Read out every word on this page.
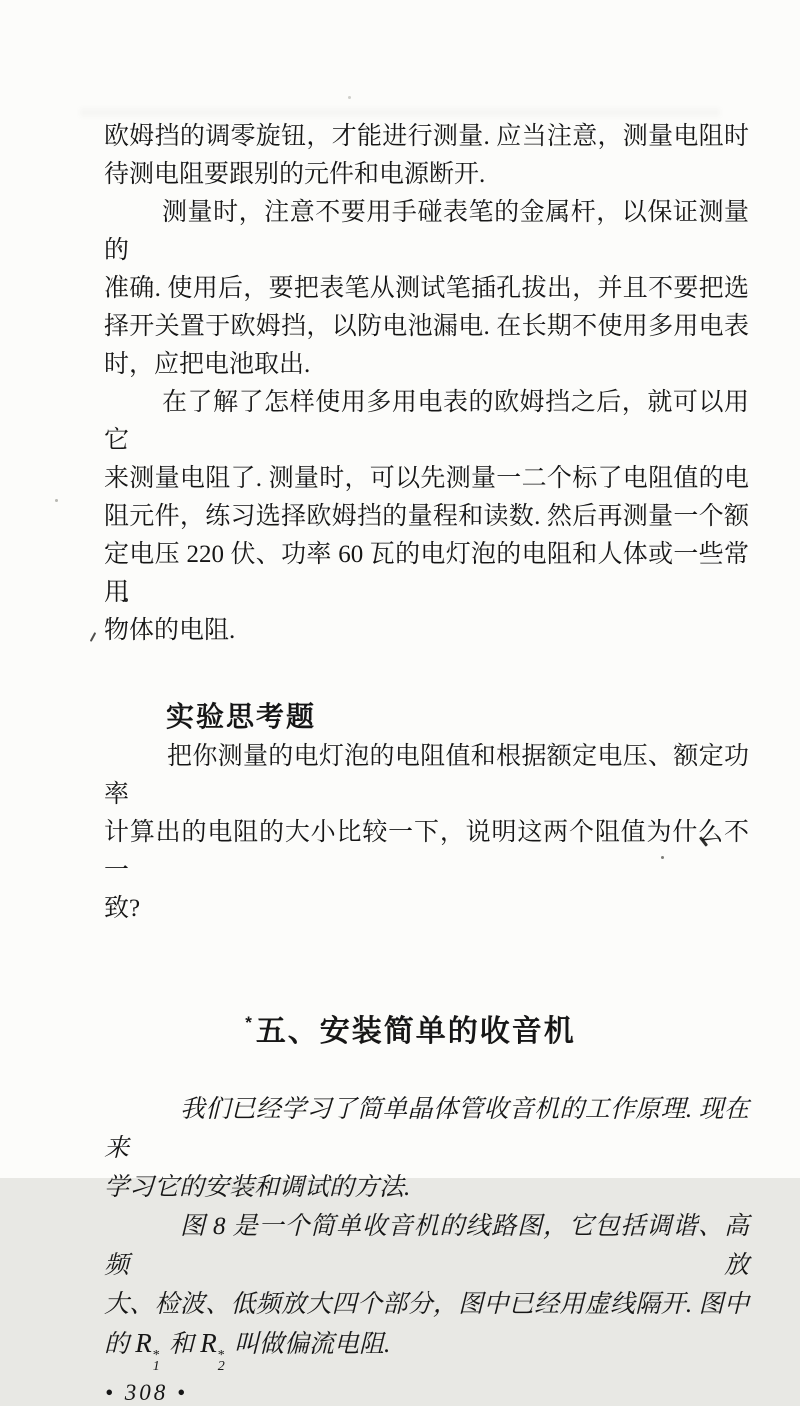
欧姆挡的调零旋钮，才能进行测量. 应当注意，测量电阻时
待测电阻要跟别的元件和电源断开.
测量时，注意不要用手碰表笔的金属杆，以保证测量的
准确. 使用后，要把表笔从测试笔插孔拔出，并且不要把选
择开关置于欧姆挡，以防电池漏电. 在长期不使用多用电表
时，应把电池取出.
在了解了怎样使用多用电表的欧姆挡之后，就可以用它
来测量电阻了. 测量时，可以先测量一二个标了电阻值的电
阻元件，练习选择欧姆挡的量程和读数. 然后再测量一个额
定电压 220 伏、功率 60 瓦的电灯泡的电阻和人体或一些常用
物体的电阻.
实验思考题
把你测量的电灯泡的电阻值和根据额定电压、额定功率
计算出的电阻的大小比较一下，说明这两个阻值为什么不一
致?
*五、安装简单的收音机
我们已经学习了简单晶体管收音机的工作原理. 现在来
学习它的安装和调试的方法.
图 8 是一个简单收音机的线路图，它包括调谐、高频放
大、检波、低频放大四个部分，图中已经用虚线隔开. 图中
的 R *
1
和 R *
2
叫做偏流电阻.
• 308 •
